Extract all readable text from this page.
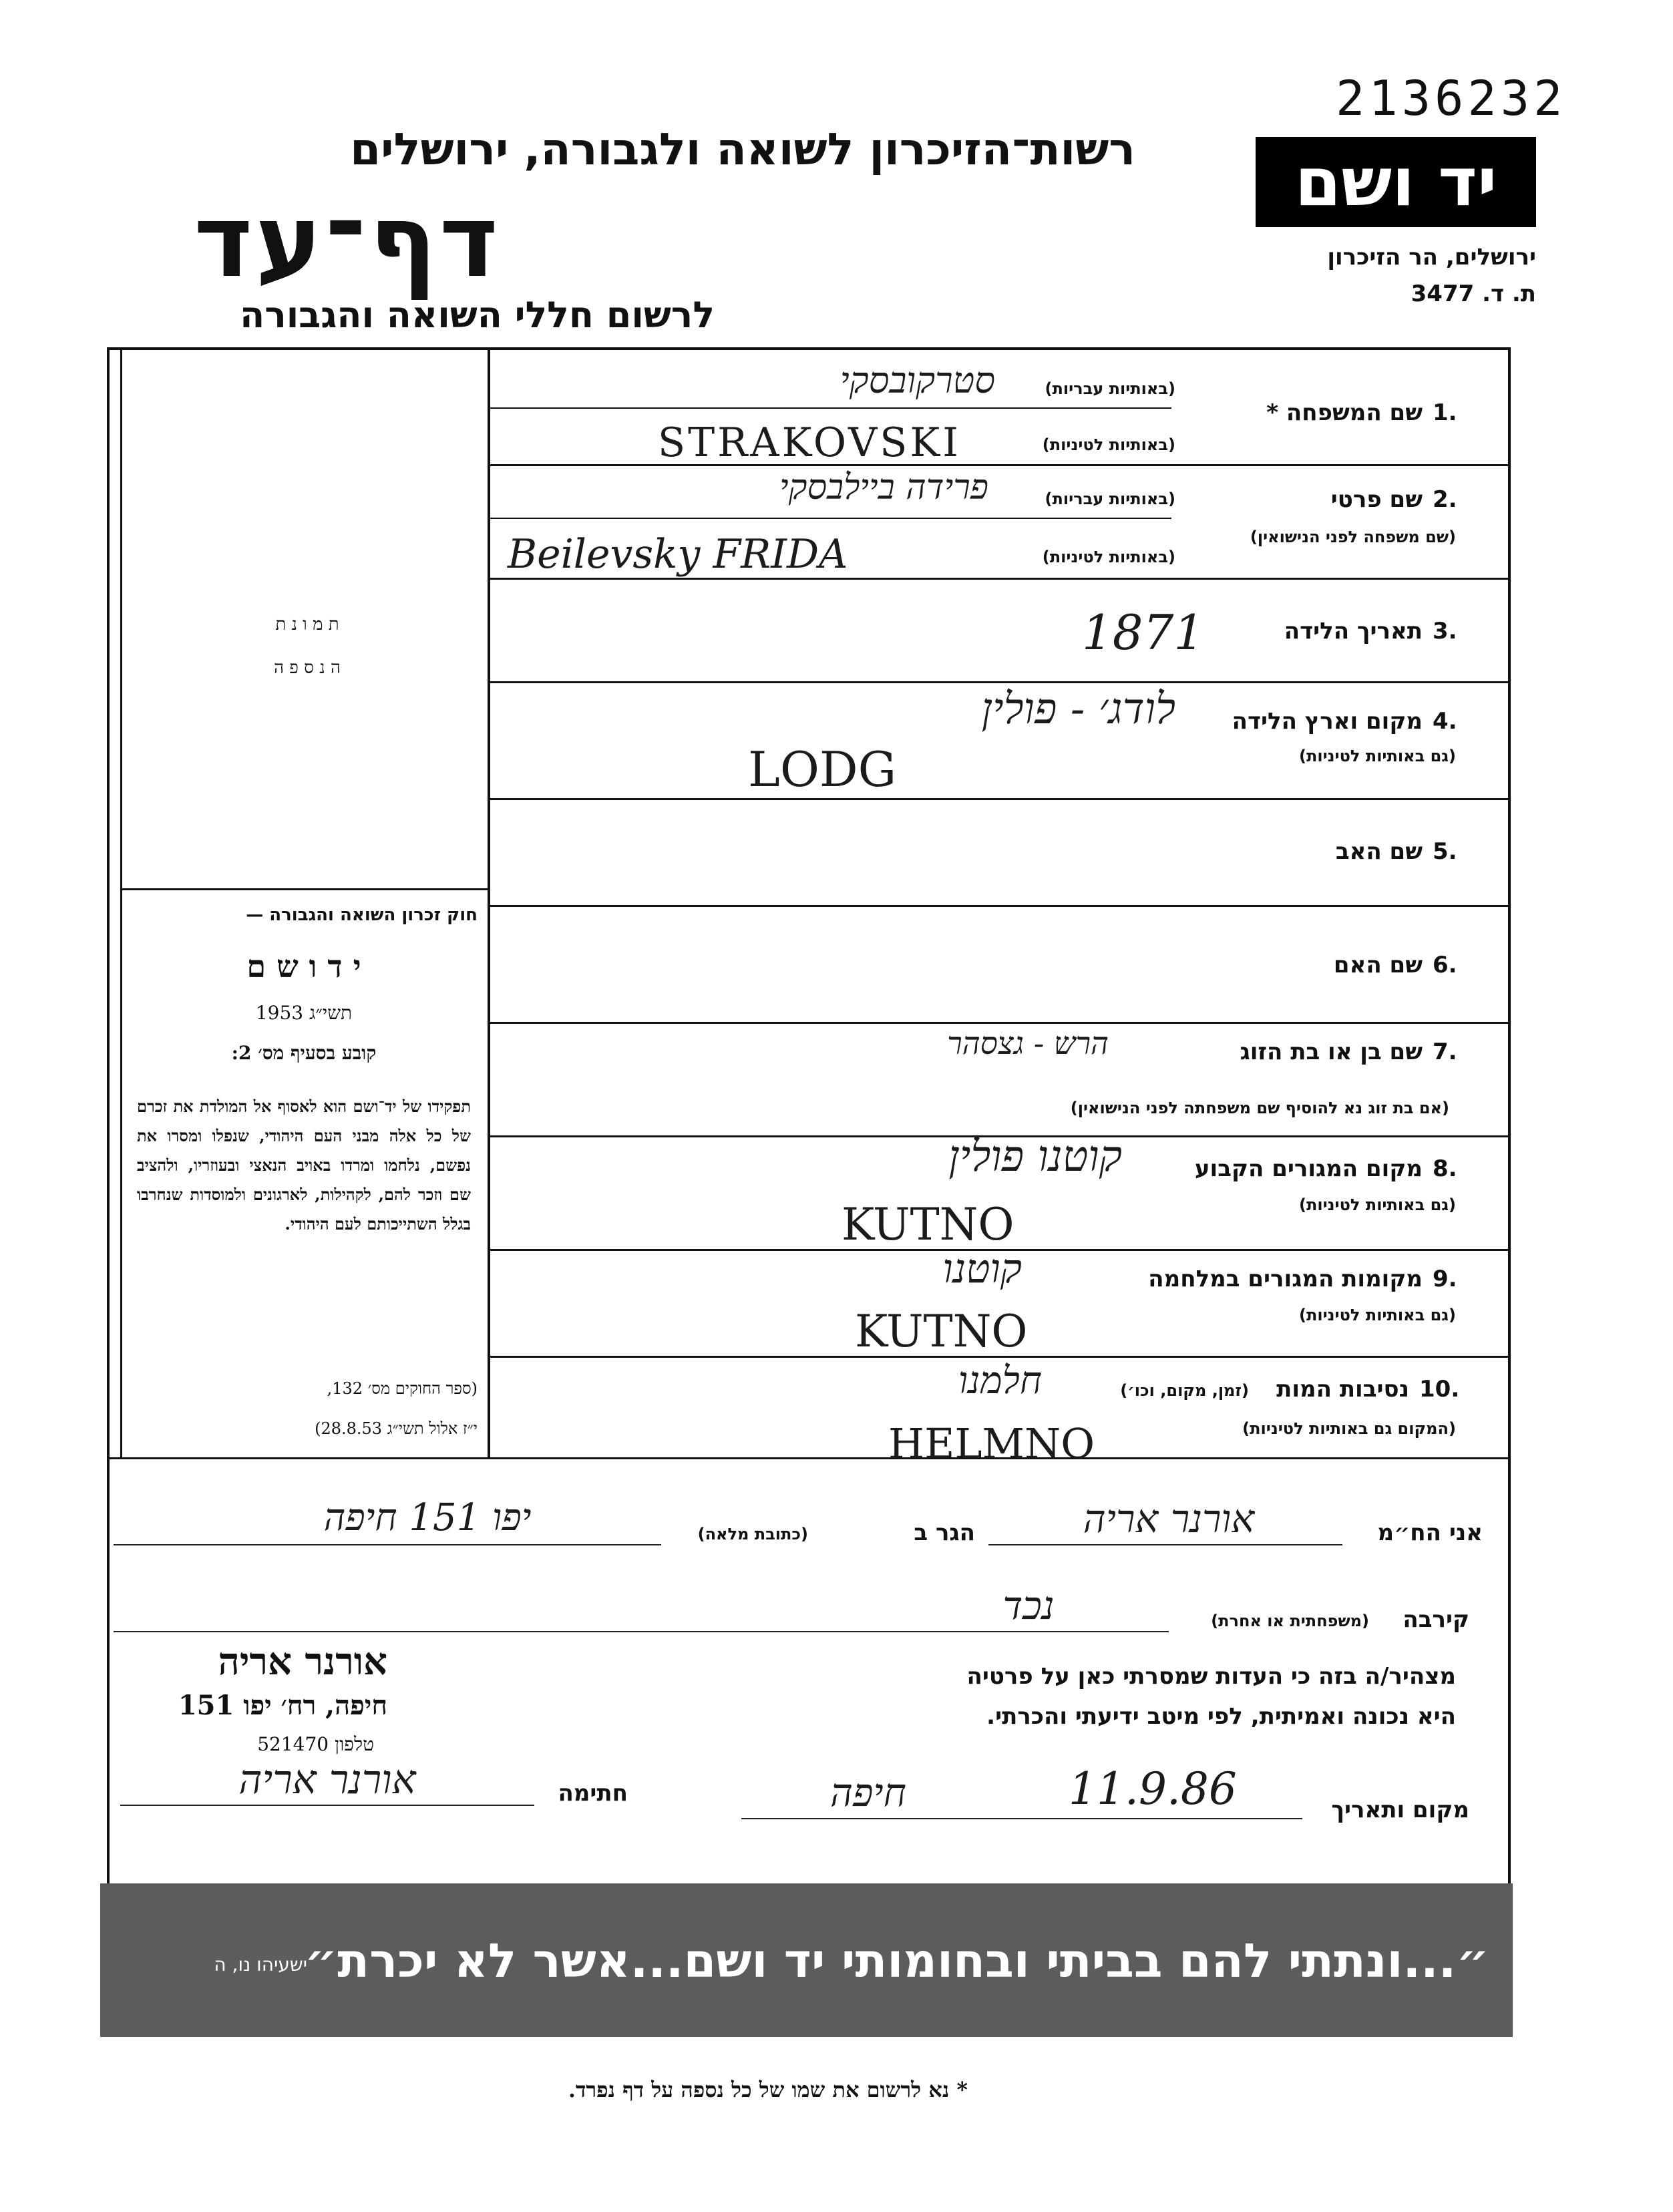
2136232
רשות־הזיכרון לשואה ולגבורה, ירושלים
דף־עד
לרשום חללי השואה והגבורה
יד ושם
ירושלים, הר הזיכרון
ת. ד. 3477
ת מ ו נ ת
ה נ ס פ ה
חוק זכרון השואה והגבורה —
י ד ו ש ם
תשי״ג 1953
קובע בסעיף מס׳ 2:
תפקידו של יד־ושם הוא לאסוף אל המולדת את זכרם של כל אלה מבני העם היהודי, שנפלו ומסרו את נפשם, נלחמו ומרדו באויב הנאצי ובעוזריו, ולהציב שם וזכר להם, לקהילות, לארגונים ולמוסדות שנחרבו בגלל השתייכותם לעם היהודי.
(ספר החוקים מס׳ 132,
י״ז אלול תשי״ג 28.8.53)
1.
שם המשפחה *
(באותיות עבריות)
(באותיות לטיניות)
סטרקובסקי
STRAKOVSKI
2.
שם פרטי
(שם משפחה לפני הנישואין)
(באותיות עבריות)
(באותיות לטיניות)
פרידה ביילבסקי
Beilevsky FRIDA
3.
תאריך הלידה
1871
4.
מקום וארץ הלידה
(גם באותיות לטיניות)
לודג׳ - פולין
LODG
5.
שם האב
6.
שם האם
7.
שם בן או בת הזוג
(אם בת זוג נא להוסיף שם משפחתה לפני הנישואין)
הרש - גצסהר
8.
מקום המגורים הקבוע
(גם באותיות לטיניות)
קוטנו פולין
KUTNO
9.
מקומות המגורים במלחמה
(גם באותיות לטיניות)
קוטנו
KUTNO
10.
נסיבות המות
(זמן, מקום, וכו׳)
(המקום גם באותיות לטיניות)
חלמנו
HELMNO
אני הח״מ
אורנר אריה
הגר ב
(כתובת מלאה)
יפו 151 חיפה
קירבה
(משפחתית או אחרת)
נכד
אורנר אריה
חיפה, רח׳ יפו 151
טלפון 521470
מצהיר/ה בזה כי העדות שמסרתי כאן על פרטיה
היא נכונה ואמיתית, לפי מיטב ידיעתי והכרתי.
מקום ותאריך
11.9.86
חיפה
חתימה
אורנר אריה
״...ונתתי להם בביתי ובחומותי יד ושם...אשר לא יכרת״
ישעיהו נו, ה
* נא לרשום את שמו של כל נספה על דף נפרד.
